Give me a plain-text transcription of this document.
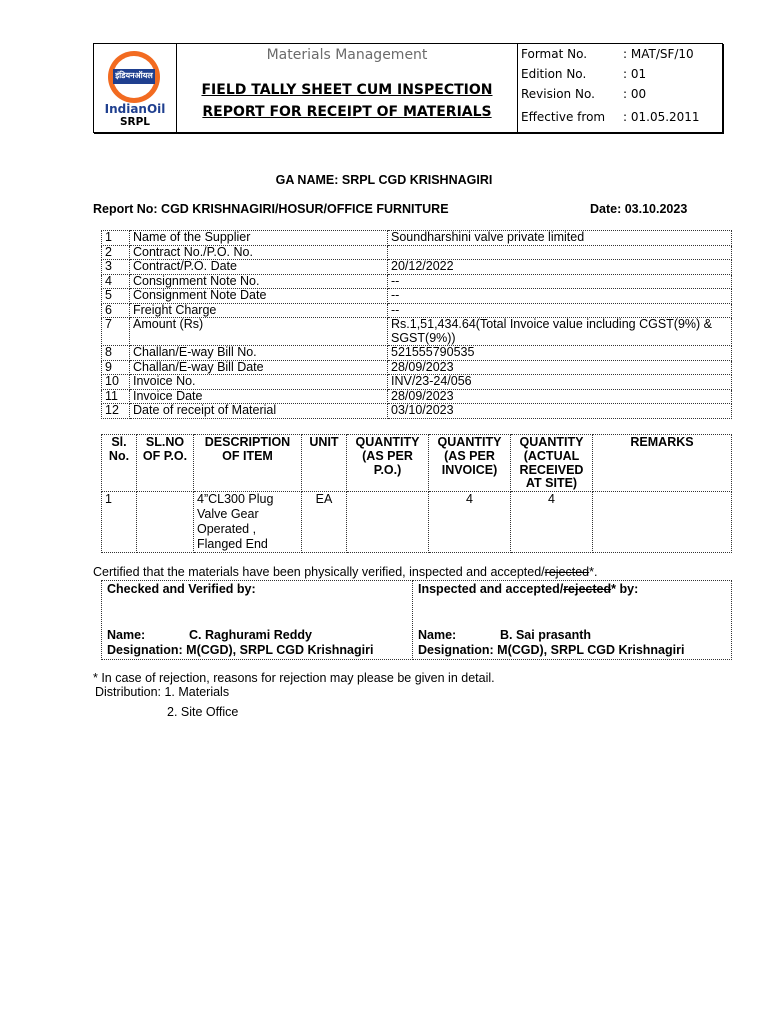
इंडियनऑयल
IndianOil
SRPL
Materials Management
FIELD TALLY SHEET CUM INSPECTION
REPORT FOR RECEIPT OF MATERIALS
Format No.	: MAT/SF/10
Edition No.	: 01
Revision No. : 00
Effective from : 01.05.2011
GA NAME: SRPL CGD KRISHNAGIRI
Report No: CGD KRISHNAGIRI/HOSUR/OFFICE FURNITURE	Date: 03.10.2023
1	Name of the Supplier	Soundharshini valve private limited
2	Contract No./P.O. No.	
3	Contract/P.O. Date	20/12/2022
4	Consignment Note No.	--
5	Consignment Note Date	--
6	Freight Charge	--
7	Amount (Rs)	Rs.1,51,434.64(Total Invoice value including CGST(9%) & SGST(9%))
8	Challan/E-way Bill No.	521555790535
9	Challan/E-way Bill Date	28/09/2023
10	Invoice No.	INV/23-24/056
11	Invoice Date	28/09/2023
12	Date of receipt of Material	03/10/2023
Sl. No.	SL.NO OF P.O.	DESCRIPTION OF ITEM	UNIT	QUANTITY (AS PER P.O.)	QUANTITY (AS PER INVOICE)	QUANTITY (ACTUAL RECEIVED AT SITE)	REMARKS
1		4”CL300 Plug Valve Gear Operated , Flanged End	EA		4	4	
Certified that the materials have been physically verified, inspected and accepted/rejected*.
Checked and Verified by:
Name:	C. Raghurami Reddy
Designation: M(CGD), SRPL CGD Krishnagiri

Inspected and accepted/rejected* by:
Name:	B. Sai prasanth
Designation: M(CGD), SRPL CGD Krishnagiri
* In case of rejection, reasons for rejection may please be given in detail.
Distribution: 1. Materials
2. Site Office
